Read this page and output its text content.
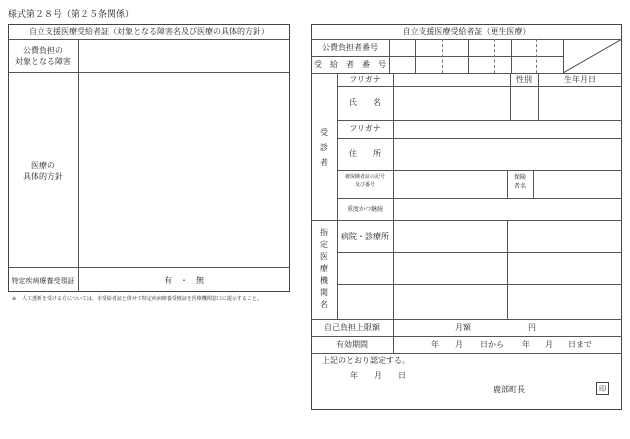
様式第２８号（第２５条関係）
自立支援医療受給者証（対象となる障害名及び医療の具体的方針）
公費負担の
対象となる障害
医療の
具体的方針
特定疾病療養受領証	有　・　無
※ 人工透析を受ける方については、本受給者証と併せて特定疾病療養受療証を医療機関窓口に提示すること。
自立支援医療受給者証（更生医療）
公費負担者番号
受　給　者　番　号
受
診
者
フリガナ	性別	生年月日
氏　　名
フリガナ
住　　所
被保険者証の記号
及び番号
保険
者名
重度かつ継続
指
定
医
療
機
関
名
病院・診療所
自己負担上限額	月額	円
有効期間	年 月 日から 年 月 日まで
上記のとおり認定する。
年 月 日
鹿部町長	印
